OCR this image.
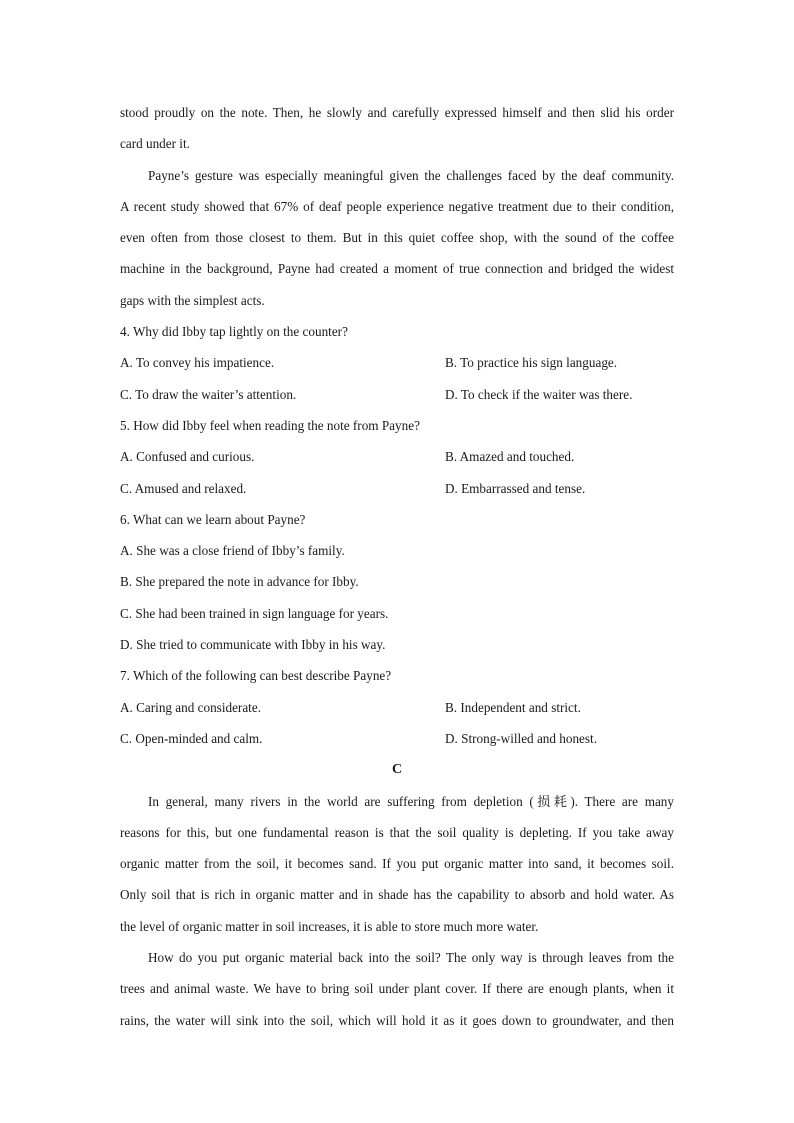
stood proudly on the note. Then, he slowly and carefully expressed himself and then slid his order
card under it.
Payne’s gesture was especially meaningful given the challenges faced by the deaf community.
A recent study showed that 67% of deaf people experience negative treatment due to their condition,
even often from those closest to them. But in this quiet coffee shop, with the sound of the coffee
machine in the background, Payne had created a moment of true connection and bridged the widest
gaps with the simplest acts.
4. Why did Ibby tap lightly on the counter?
A. To convey his impatience.	B. To practice his sign language.
C. To draw the waiter’s attention.	D. To check if the waiter was there.
5. How did Ibby feel when reading the note from Payne?
A. Confused and curious.	B. Amazed and touched.
C. Amused and relaxed.	D. Embarrassed and tense.
6. What can we learn about Payne?
A. She was a close friend of Ibby’s family.
B. She prepared the note in advance for Ibby.
C. She had been trained in sign language for years.
D. She tried to communicate with Ibby in his way.
7. Which of the following can best describe Payne?
A. Caring and considerate.	B. Independent and strict.
C. Open-minded and calm.	D. Strong-willed and honest.
C
In general, many rivers in the world are suffering from depletion (损耗). There are many
reasons for this, but one fundamental reason is that the soil quality is depleting. If you take away
organic matter from the soil, it becomes sand. If you put organic matter into sand, it becomes soil.
Only soil that is rich in organic matter and in shade has the capability to absorb and hold water. As
the level of organic matter in soil increases, it is able to store much more water.
How do you put organic material back into the soil? The only way is through leaves from the
trees and animal waste. We have to bring soil under plant cover. If there are enough plants, when it
rains, the water will sink into the soil, which will hold it as it goes down to groundwater, and then
